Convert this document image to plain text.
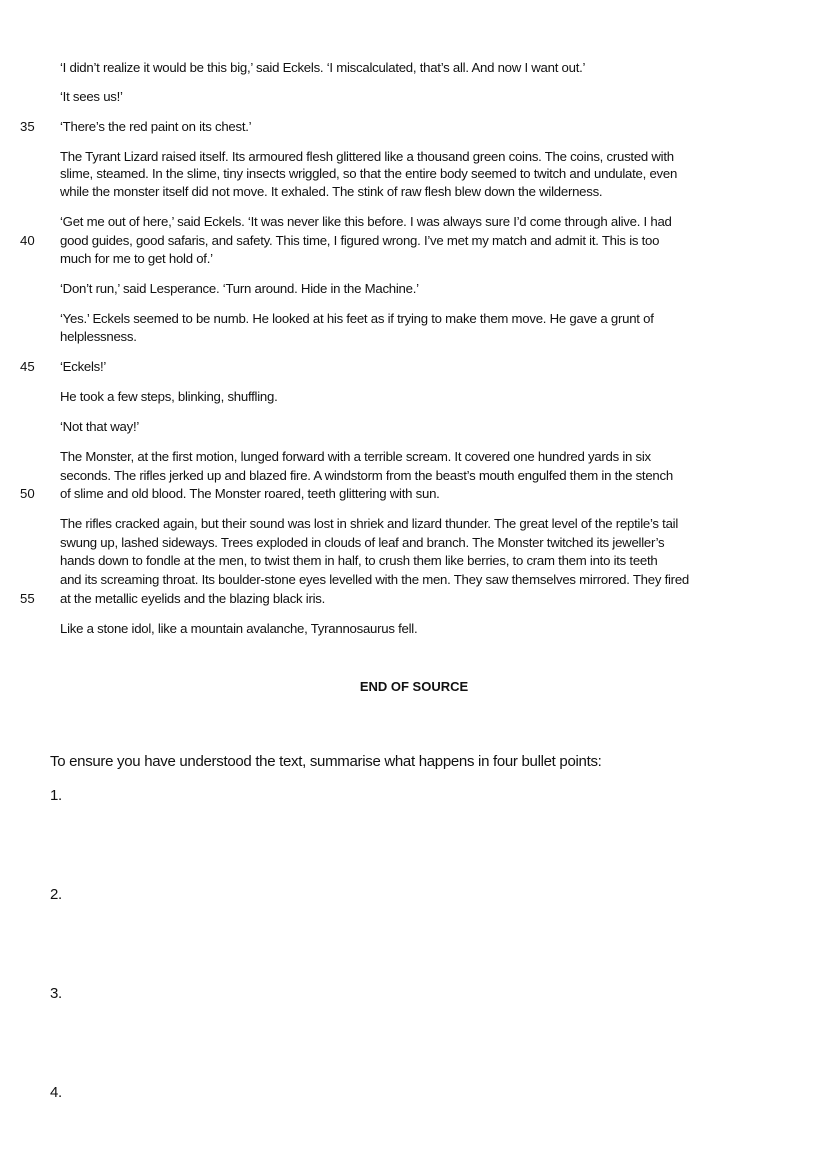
‘I didn’t realize it would be this big,’ said Eckels. ‘I miscalculated, that’s all. And now I want out.’
‘It sees us!’
‘There’s the red paint on its chest.’
35
The Tyrant Lizard raised itself. Its armoured flesh glittered like a thousand green coins. The coins, crusted with
slime, steamed. In the slime, tiny insects wriggled, so that the entire body seemed to twitch and undulate, even
while the monster itself did not move. It exhaled. The stink of raw flesh blew down the wilderness.
‘Get me out of here,’ said Eckels. ‘It was never like this before. I was always sure I’d come through alive. I had
good guides, good safaris, and safety. This time, I figured wrong. I’ve met my match and admit it. This is too
much for me to get hold of.’
40
‘Don’t run,’ said Lesperance. ‘Turn around. Hide in the Machine.’
‘Yes.’ Eckels seemed to be numb. He looked at his feet as if trying to make them move. He gave a grunt of
helplessness.
‘Eckels!’
45
He took a few steps, blinking, shuffling.
‘Not that way!’
The Monster, at the first motion, lunged forward with a terrible scream. It covered one hundred yards in six
seconds. The rifles jerked up and blazed fire. A windstorm from the beast’s mouth engulfed them in the stench
of slime and old blood. The Monster roared, teeth glittering with sun.
50
The rifles cracked again, but their sound was lost in shriek and lizard thunder. The great level of the reptile’s tail
swung up, lashed sideways. Trees exploded in clouds of leaf and branch. The Monster twitched its jeweller’s
hands down to fondle at the men, to twist them in half, to crush them like berries, to cram them into its teeth
and its screaming throat. Its boulder-stone eyes levelled with the men. They saw themselves mirrored. They fired
at the metallic eyelids and the blazing black iris.
55
Like a stone idol, like a mountain avalanche, Tyrannosaurus fell.
END OF SOURCE
To ensure you have understood the text, summarise what happens in four bullet points:
1.
2.
3.
4.
